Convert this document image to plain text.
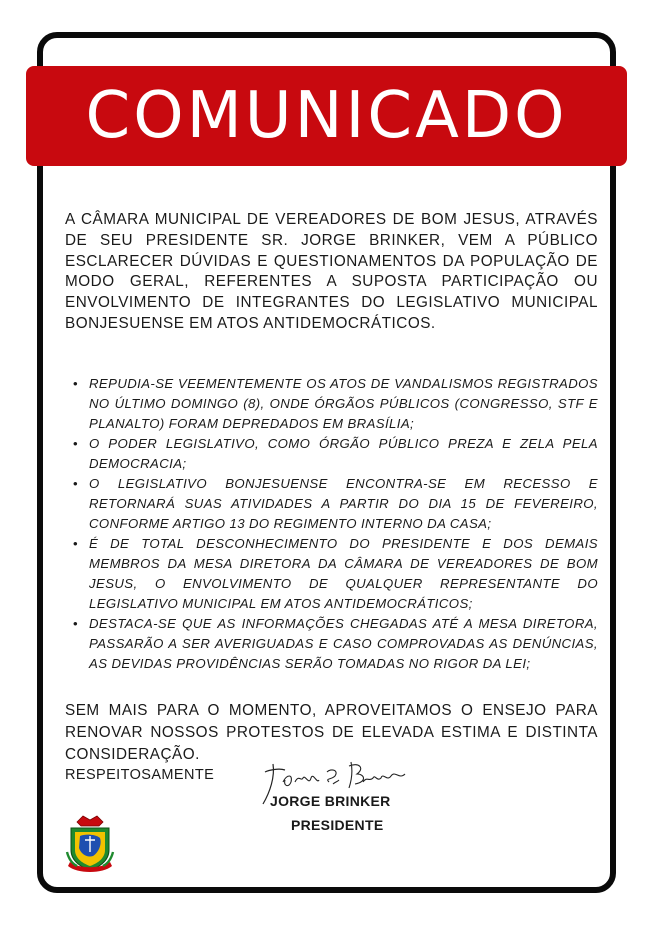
COMUNICADO

A CÂMARA MUNICIPAL DE VEREADORES DE BOM JESUS, ATRAVÉS DE SEU PRESIDENTE SR. JORGE BRINKER, VEM A PÚBLICO ESCLARECER DÚVIDAS E QUESTIONAMENTOS DA POPULAÇÃO DE MODO GERAL, REFERENTES A SUPOSTA PARTICIPAÇÃO OU ENVOLVIMENTO DE INTEGRANTES DO LEGISLATIVO MUNICIPAL BONJESUENSE EM ATOS ANTIDEMOCRÁTICOS.

• REPUDIA-SE VEEMENTEMENTE OS ATOS DE VANDALISMOS REGISTRADOS NO ÚLTIMO DOMINGO (8), ONDE ÓRGÃOS PÚBLICOS (CONGRESSO, STF E PLANALTO) FORAM DEPREDADOS EM BRASÍLIA;
• O PODER LEGISLATIVO, COMO ÓRGÃO PÚBLICO PREZA E ZELA PELA DEMOCRACIA;
• O LEGISLATIVO BONJESUENSE ENCONTRA-SE EM RECESSO E RETORNARÁ SUAS ATIVIDADES A PARTIR DO DIA 15 DE FEVEREIRO, CONFORME ARTIGO 13 DO REGIMENTO INTERNO DA CASA;
• É DE TOTAL DESCONHECIMENTO DO PRESIDENTE E DOS DEMAIS MEMBROS DA MESA DIRETORA DA CÂMARA DE VEREADORES DE BOM JESUS, O ENVOLVIMENTO DE QUALQUER REPRESENTANTE DO LEGISLATIVO MUNICIPAL EM ATOS ANTIDEMOCRÁTICOS;
• DESTACA-SE QUE AS INFORMAÇÕES CHEGADAS ATÉ A MESA DIRETORA, PASSARÃO A SER AVERIGUADAS E CASO COMPROVADAS AS DENÚNCIAS, AS DEVIDAS PROVIDÊNCIAS SERÃO TOMADAS NO RIGOR DA LEI;

SEM MAIS PARA O MOMENTO, APROVEITAMOS O ENSEJO PARA RENOVAR NOSSOS PROTESTOS DE ELEVADA ESTIMA E DISTINTA CONSIDERAÇÃO.

RESPEITOSAMENTE
JORGE BRINKER
PRESIDENTE
